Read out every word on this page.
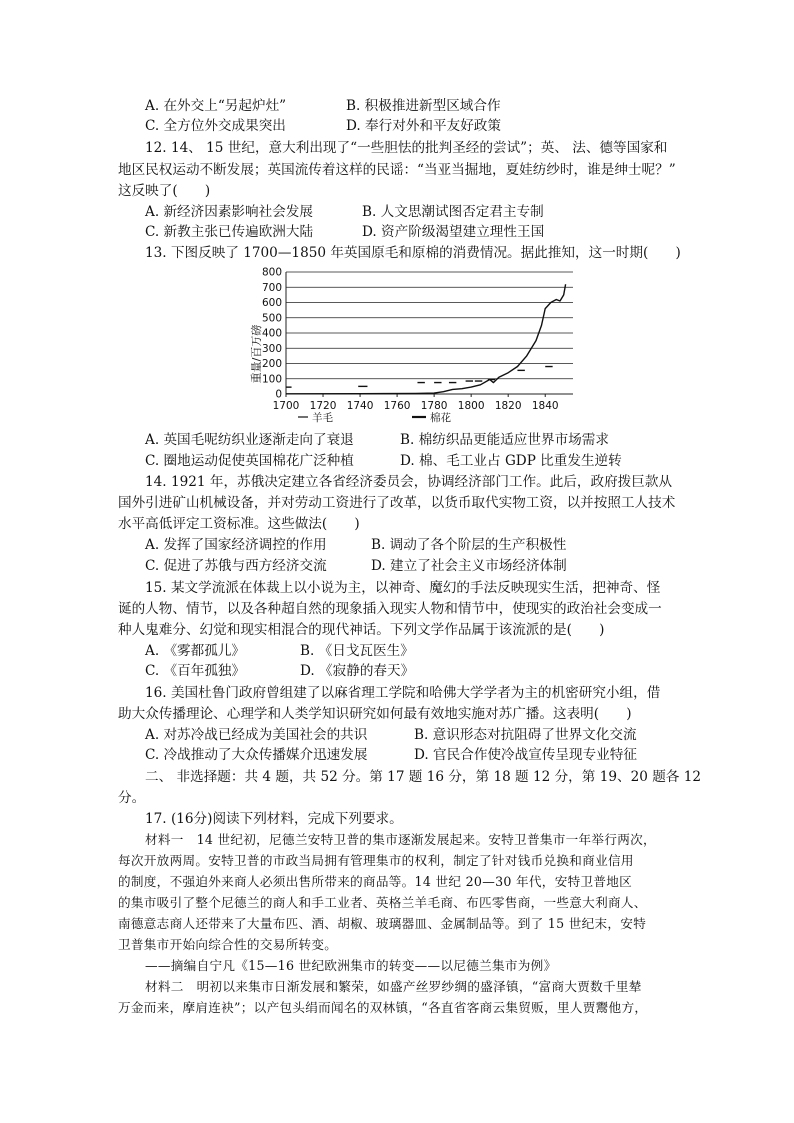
A. 在外交上“另起炉灶”	B. 积极推进新型区域合作
C. 全方位外交成果突出	D. 奉行对外和平友好政策
12. 14、 15 世纪，意大利出现了“一些胆怯的批判圣经的尝试”；英、 法、德等国家和
地区民权运动不断发展；英国流传着这样的民谣：“当亚当掘地，夏娃纺纱时，谁是绅士呢？”
这反映了(　　)
A. 新经济因素影响社会发展	B. 人文思潮试图否定君主专制
C. 新教主张已传遍欧洲大陆	D. 资产阶级渴望建立理性王国
13. 下图反映了 1700—1850 年英国原毛和原棉的消费情况。据此推知，这一时期(　　)
0
100
200
300
400
500
600
700
800
1700 1720 1740 1760 1780 1800 1820 1840
重量/百万磅
羊毛	棉花
A. 英国毛呢纺织业逐渐走向了衰退	B. 棉纺织品更能适应世界市场需求
C. 圈地运动促使英国棉花广泛种植	D. 棉、毛工业占 GDP 比重发生逆转
14. 1921 年，苏俄决定建立各省经济委员会，协调经济部门工作。此后，政府拨巨款从
国外引进矿山机械设备，并对劳动工资进行了改革，以货币取代实物工资，以并按照工人技术
水平高低评定工资标准。这些做法(　　)
A. 发挥了国家经济调控的作用	B. 调动了各个阶层的生产积极性
C. 促进了苏俄与西方经济交流	D. 建立了社会主义市场经济体制
15. 某文学流派在体裁上以小说为主，以神奇、魔幻的手法反映现实生活，把神奇、怪
诞的人物、情节，以及各种超自然的现象插入现实人物和情节中，使现实的政治社会变成一
种人鬼难分、幻觉和现实相混合的现代神话。下列文学作品属于该流派的是(　　)
A. 《雾都孤儿》	B. 《日戈瓦医生》
C. 《百年孤独》	D. 《寂静的春天》
16. 美国杜鲁门政府曾组建了以麻省理工学院和哈佛大学学者为主的机密研究小组，借
助大众传播理论、心理学和人类学知识研究如何最有效地实施对苏广播。这表明(　　)
A. 对苏冷战已经成为美国社会的共识	B. 意识形态对抗阻碍了世界文化交流
C. 冷战推动了大众传播媒介迅速发展	D. 官民合作使冷战宣传呈现专业特征
二、 非选择题：共 4 题，共 52 分。第 17 题 16 分，第 18 题 12 分，第 19、20 题各 12
分。
17. (16分)阅读下列材料，完成下列要求。
材料一　14 世纪初，尼德兰安特卫普的集市逐渐发展起来。安特卫普集市一年举行两次，
每次开放两周。安特卫普的市政当局拥有管理集市的权利，制定了针对钱币兑换和商业信用
的制度，不强迫外来商人必须出售所带来的商品等。14 世纪 20—30 年代，安特卫普地区
的集市吸引了整个尼德兰的商人和手工业者、英格兰羊毛商、布匹零售商，一些意大利商人、
南德意志商人还带来了大量布匹、酒、胡椒、玻璃器皿、金属制品等。到了 15 世纪末，安特
卫普集市开始向综合性的交易所转变。
——摘编自宁凡《15—16 世纪欧洲集市的转变——以尼德兰集市为例》
材料二　明初以来集市日渐发展和繁荣，如盛产丝罗纱绸的盛泽镇，“富商大贾数千里辇
万金而来，摩肩连袂”；以产包头绢而闻名的双林镇，“各直省客商云集贸贩，里人贾鬻他方，
